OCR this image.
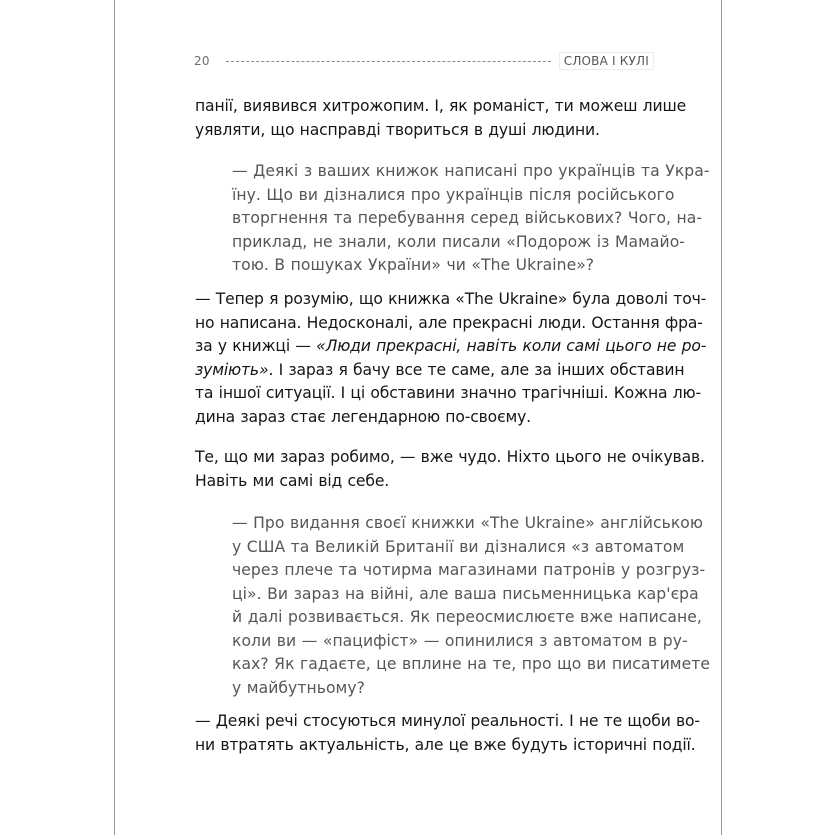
20	СЛОВА І КУЛІ
панії, виявився хитрожопим. І, як романіст, ти можеш лише
уявляти, що насправді твориться в душі людини.
— Деякі з ваших книжок написані про українців та Укра-
їну. Що ви дізналися про українців після російського
вторгнення та перебування серед військових? Чого, на-
приклад, не знали, коли писали «Подорож із Мамайо-
тою. В пошуках України» чи «The Ukraine»?
— Тепер я розумію, що книжка «The Ukraine» була доволі точ-
но написана. Недосконалі, але прекрасні люди. Остання фра-
за у книжці — «Люди прекрасні, навіть коли самі цього не ро-
зуміють». І зараз я бачу все те саме, але за інших обставин
та іншої ситуації. І ці обставини значно трагічніші. Кожна лю-
дина зараз стає легендарною по-своєму.
Те, що ми зараз робимо, — вже чудо. Ніхто цього не очікував.
Навіть ми самі від себе.
— Про видання своєї книжки «The Ukraine» англійською
у США та Великій Британії ви дізналися «з автоматом
через плече та чотирма магазинами патронів у розгруз-
ці». Ви зараз на війні, але ваша письменницька кар'єра
й далі розвивається. Як переосмислюєте вже написане,
коли ви — «пацифіст» — опинилися з автоматом в ру-
ках? Як гадаєте, це вплине на те, про що ви писатимете
у майбутньому?
— Деякі речі стосуються минулої реальності. І не те щоби во-
ни втратять актуальність, але це вже будуть історичні події.
